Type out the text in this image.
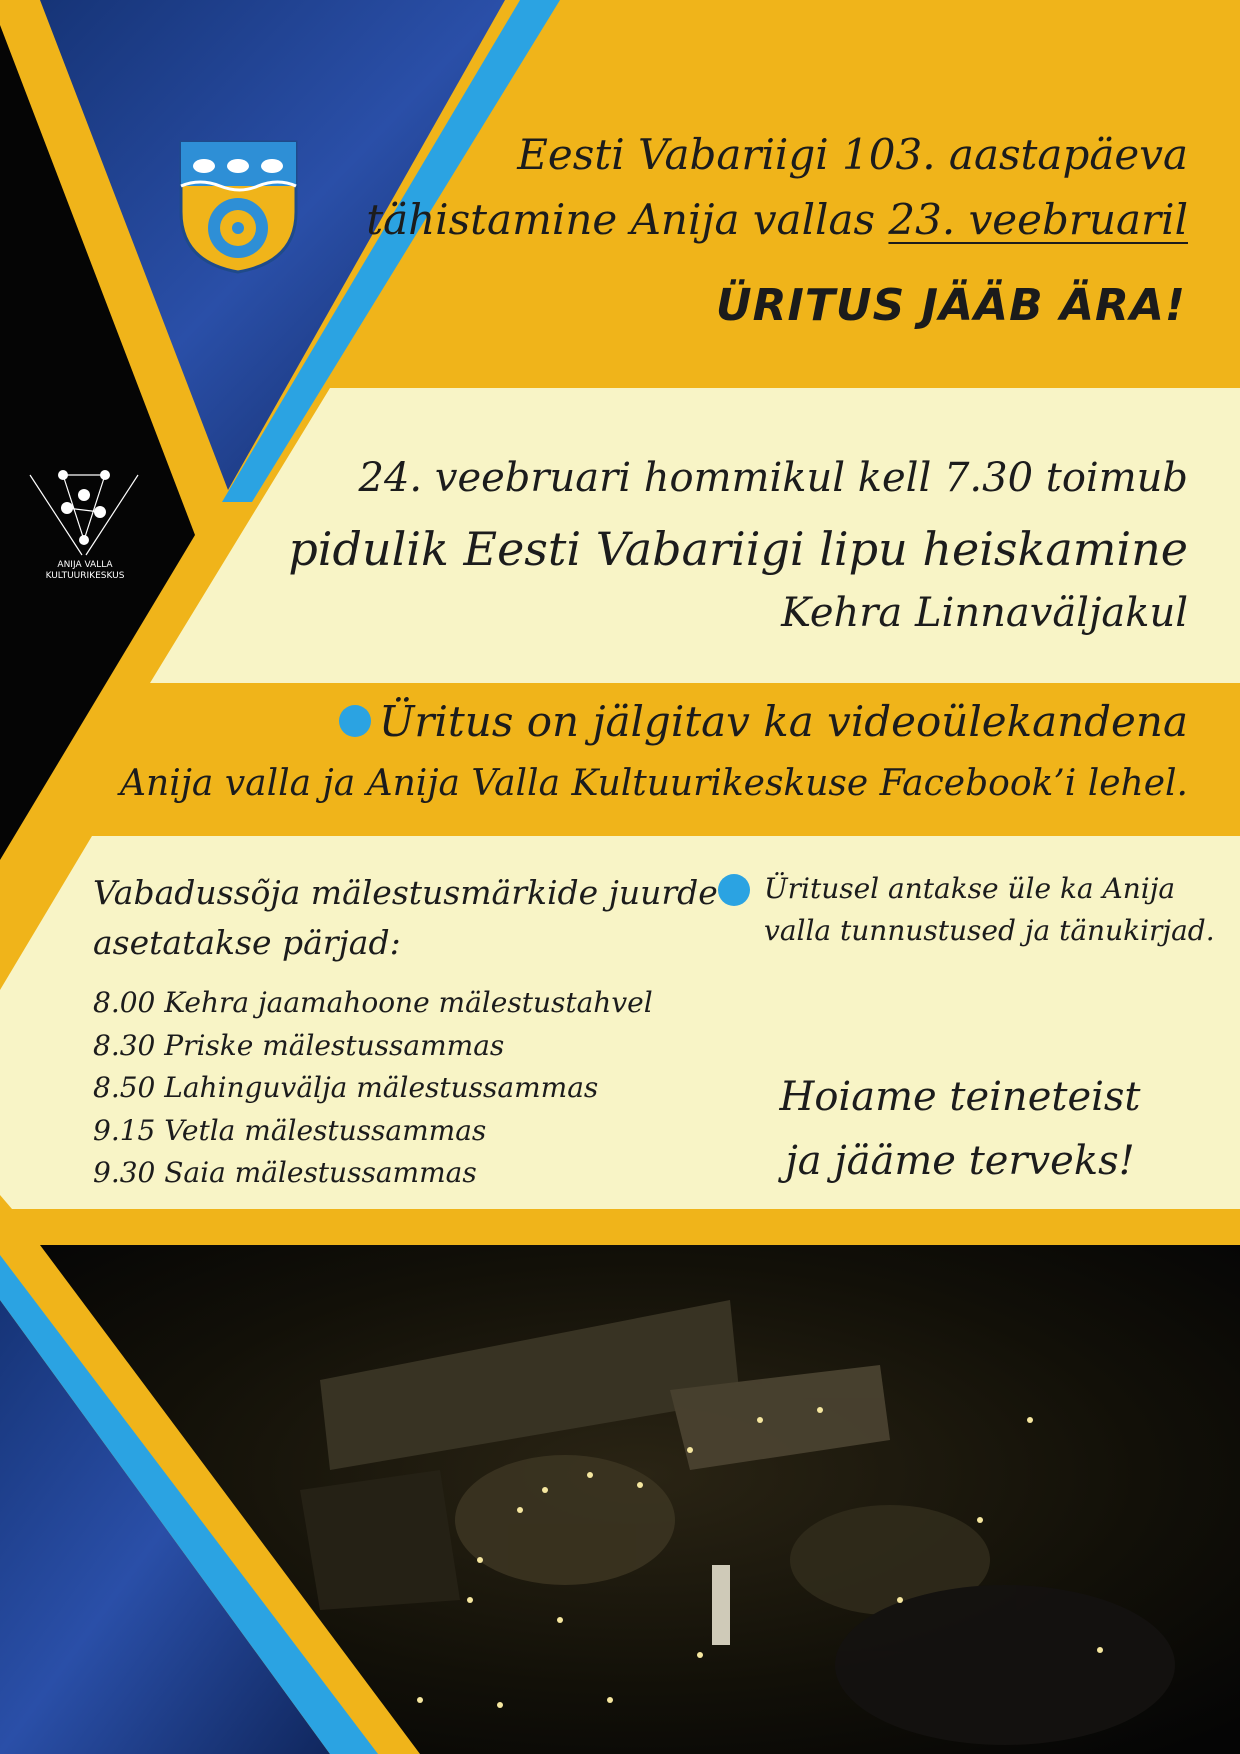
ANIJA VALLA
KULTUURIKESKUS
Eesti Vabariigi 103. aastapäeva
tähistamine Anija vallas 23. veebruaril
ÜRITUS JÄÄB ÄRA!
24. veebruari hommikul kell 7.30 toimub
pidulik Eesti Vabariigi lipu heiskamine
Kehra Linnaväljakul
Üritus on jälgitav ka videoülekandena
Anija valla ja Anija Valla Kultuurikeskuse Facebook’i lehel.
Vabadussõja mälestusmärkide juurde
asetatakse pärjad:
8.00 Kehra jaamahoone mälestustahvel
8.30 Priske mälestussammas
8.50 Lahinguvälja mälestussammas
9.15 Vetla mälestussammas
9.30 Saia mälestussammas
Üritusel antakse üle ka Anija
valla tunnustused ja tänukirjad.
Hoiame teineteist
ja jääme terveks!
